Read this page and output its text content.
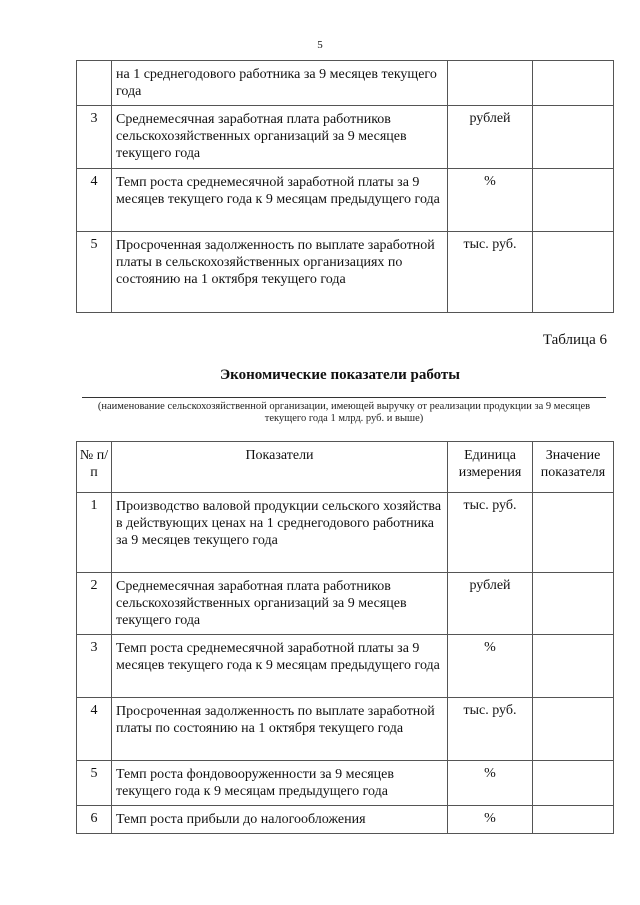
5
	на 1 среднегодового работника за 9 месяцев текущего года		
3	Среднемесячная заработная плата работников сельскохозяйственных организаций за 9 месяцев текущего года	рублей	
4	Темп роста среднемесячной заработной платы за 9 месяцев текущего года к 9 месяцам предыдущего года	%	
5	Просроченная задолженность по выплате заработной платы в сельскохозяйственных организациях по состоянию на 1 октября текущего года	тыс. руб.	
Таблица 6
Экономические показатели работы
(наименование сельскохозяйственной организации, имеющей выручку от реализации продукции за 9 месяцев текущего года 1 млрд. руб. и выше)
№ п/п	Показатели	Единица измерения	Значение показателя
1	Производство валовой продукции сельского хозяйства в действующих ценах на 1 среднегодового работника за 9 месяцев текущего года	тыс. руб.	
2	Среднемесячная заработная плата работников сельскохозяйственных организаций за 9 месяцев текущего года	рублей	
3	Темп роста среднемесячной заработной платы за 9 месяцев текущего года к 9 месяцам предыдущего года	%	
4	Просроченная задолженность по выплате заработной платы по состоянию на 1 октября текущего года	тыс. руб.	
5	Темп роста фондовооруженности за 9 месяцев текущего года к 9 месяцам предыдущего года	%	
6	Темп роста прибыли до налогообложения	%	
